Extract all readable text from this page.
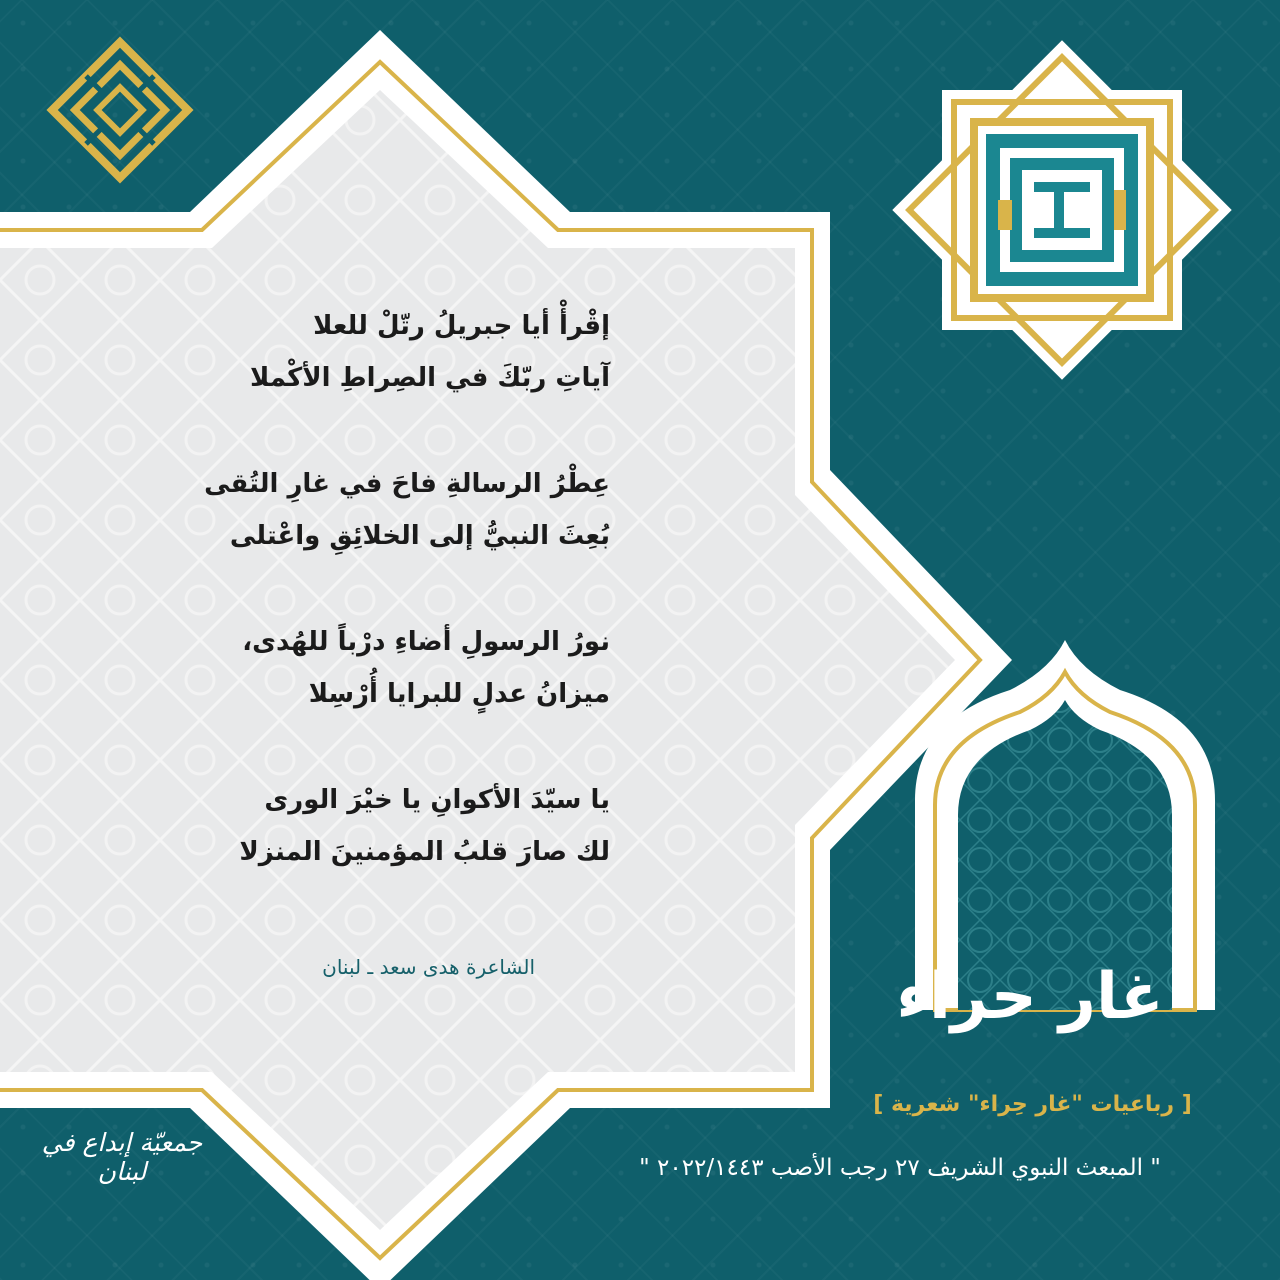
غار حراء
إقْرأْ أيا جبريلُ رتّلْ للعلا
آياتِ ربّكَ في الصِراطِ الأكْملا
عِطْرُ الرسالةِ فاحَ في غارِ التُقى
بُعِثَ النبيُّ إلى الخلائِقِ واعْتلى
نورُ الرسولِ أضاءِ درْباً للهُدى،
ميزانُ عدلٍ للبرايا أُرْسِلا
يا سيّدَ الأكوانِ يا خيْرَ الورى
لك صارَ قلبُ المؤمنينَ المنزلا
الشاعرة هدى سعد ـ لبنان
[ رباعيات "غار حِراء" شعرية ]
" المبعث النبوي الشريف ٢٧ رجب الأصب ٢٠٢٢/١٤٤٣ "
جمعيّة إبداع في لبنان
